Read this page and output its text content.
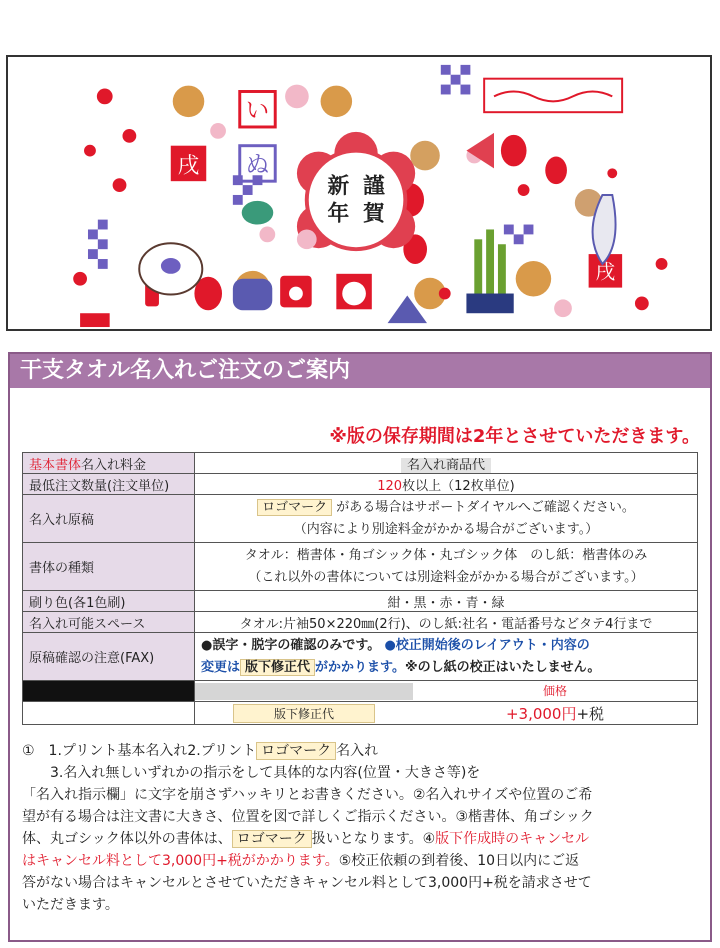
い
ぬ
戌
戌
新 謹
年 賀
干支タオル名入れご注文のご案内
※版の保存期間は2年とさせていただきます。
基本書体名入れ料金	名入れ商品代
最低注文数量(注文単位)	120枚以上（12枚単位)
名入れ原稿	ロゴマーク がある場合はサポートダイヤルへご確認ください。
（内容により別途料金がかかる場合がございます。）

書体の種類	タオル：楷書体・角ゴシック体・丸ゴシック体　のし紙：楷書体のみ
（これ以外の書体については別途料金がかかる場合がございます。）

刷り色(各1色刷)	紺・黒・赤・青・緑
名入れ可能スペース	タオル:片袖50×220㎜(2行)、のし紙:社名・電話番号などタテ4行まで
原稿確認の注意(FAX)	●誤字・脱字の確認のみです。 ●校正開始後のレイアウト・内容の
変更は 版下修正代 がかかります。※のし紙の校正はいたしません。

	価格

	版下修正代 +3,000円+税
①　1.プリント基本名入れ2.プリント ロゴマーク 名入れ
3.名入れ無しいずれかの指示をして具体的な内容(位置・大きさ等)を
「名入れ指示欄」に文字を崩さずハッキリとお書きください。②名入れサイズや位置のご希
望が有る場合は注文書に大きさ、位置を図で詳しくご指示ください。③楷書体、角ゴシック
体、丸ゴシック体以外の書体は、 ロゴマーク 扱いとなります。④版下作成時のキャンセル
はキャンセル料として3,000円+税がかかります。⑤校正依頼の到着後、10日以内にご返
答がない場合はキャンセルとさせていただきキャンセル料として3,000円+税を請求させて
いただきます。
